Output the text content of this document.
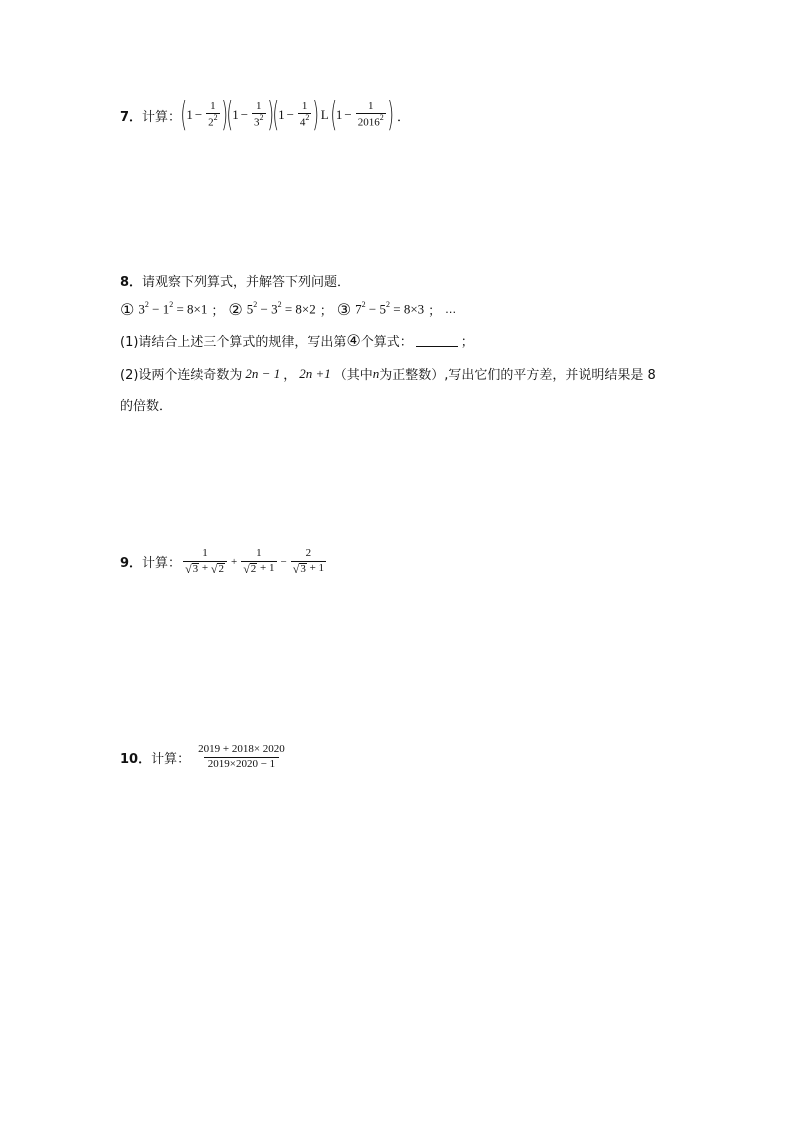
7． 计算： ( $1 - \frac{1}{2^2}$ )
( $1 - \frac{1}{3^2}$ )
( $1 - \frac{1}{4^2}$ ) L ( $1 - \frac{1}{2016^2}$ ) ．
8．请观察下列算式，并解答下列问题．
① $3^2 - 1^2 = 8\times 1$ ； ② $5^2 - 3^2 = 8\times 2$ ； ③ $7^2 - 5^2 = 8\times 3$ ； …
(1)请结合上述三个算式的规律，写出第 ④ 个算式：	；
(2)设两个连续奇数为 2n − 1 ， 2n +1 （其中 n 为正整数）,写出它们的平方差，并说明结果是 8
的倍数．
9． 计算： $\frac{1}{√ 3 + √ 2} + \frac{1}{√ 2 + 1} - \frac{2}{√ 3 + 1}$
10． 计算： $\frac{2019 + 2018\times 2020}{2019\times 2020 - 1}$
